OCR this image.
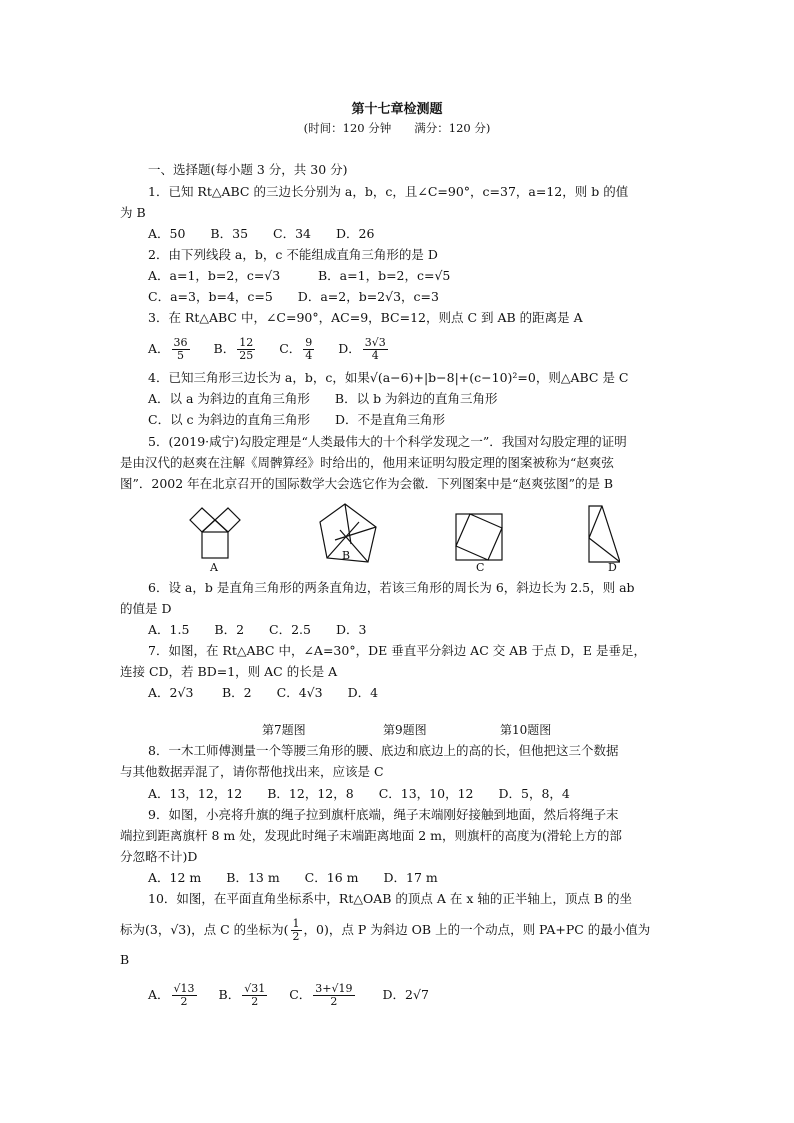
第十七章检测题
(时间：120 分钟　　满分：120 分)
一、选择题(每小题 3 分，共 30 分)
1．已知 Rt△ABC 的三边长分别为 a，b，c，且∠C=90°，c=37，a=12，则 b 的值
为 B
A．50　　B．35　　C．34　　D．26
2．由下列线段 a，b，c 不能组成直角三角形的是 D
A．a=1，b=2，c=√3	B．a=1，b=2，c=√5
C．a=3，b=4，c=5　　D．a=2，b=2√3，c=3
3．在 Rt△ABC 中，∠C=90°，AC=9，BC=12，则点 C 到 AB 的距离是 A
A． $\frac{36}{5}$ B． $\frac{12}{25}$ C． $\frac{9}{4}$ D． $\frac{3√3}{4}$
4．已知三角形三边长为 a，b，c，如果√(a−6)+|b−8|+(c−10)²=0，则△ABC 是 C
A．以 a 为斜边的直角三角形　　B．以 b 为斜边的直角三角形
C．以 c 为斜边的直角三角形　　D．不是直角三角形
5．(2019·咸宁)勾股定理是“人类最伟大的十个科学发现之一”．我国对勾股定理的证明
是由汉代的赵爽在注解《周髀算经》时给出的，他用来证明勾股定理的图案被称为“赵爽弦
图”．2002 年在北京召开的国际数学大会选它作为会徽．下列图案中是“赵爽弦图”的是 B
A
B
C	D
6．设 a，b 是直角三角形的两条直角边，若该三角形的周长为 6，斜边长为 2.5，则 ab
的值是 D
A．1.5　　B．2　　C．2.5　　D．3
7．如图，在 Rt△ABC 中，∠A=30°，DE 垂直平分斜边 AC 交 AB 于点 D，E 是垂足，
连接 CD，若 BD=1，则 AC 的长是 A
A．2√3 B．2　　C．4√3　　D．4
第7题图	第9题图	第10题图
8．一木工师傅测量一个等腰三角形的腰、底边和底边上的高的长，但他把这三个数据
与其他数据弄混了，请你帮他找出来，应该是 C
A．13，12，12　　B．12，12，8　　C．13，10，12　　D．5，8，4
9．如图，小亮将升旗的绳子拉到旗杆底端，绳子末端刚好接触到地面，然后将绳子末
端拉到距离旗杆 8 m 处，发现此时绳子末端距离地面 2 m，则旗杆的高度为(滑轮上方的部
分忽略不计)D
A．12 m　　B．13 m　　C．16 m　　D．17 m
10．如图，在平面直角坐标系中，Rt△OAB 的顶点 A 在 x 轴的正半轴上，顶点 B 的坐
标为(3，√3)，点 C 的坐标为( $\frac{1}{2}$ ，0)，点 P 为斜边 OB 上的一个动点，则 PA+PC 的最小值为
B
A． $\frac{√13}{2}$ B． $\frac{√31}{2}$ C． $\frac{3+√19}{2}$ D．2√7
